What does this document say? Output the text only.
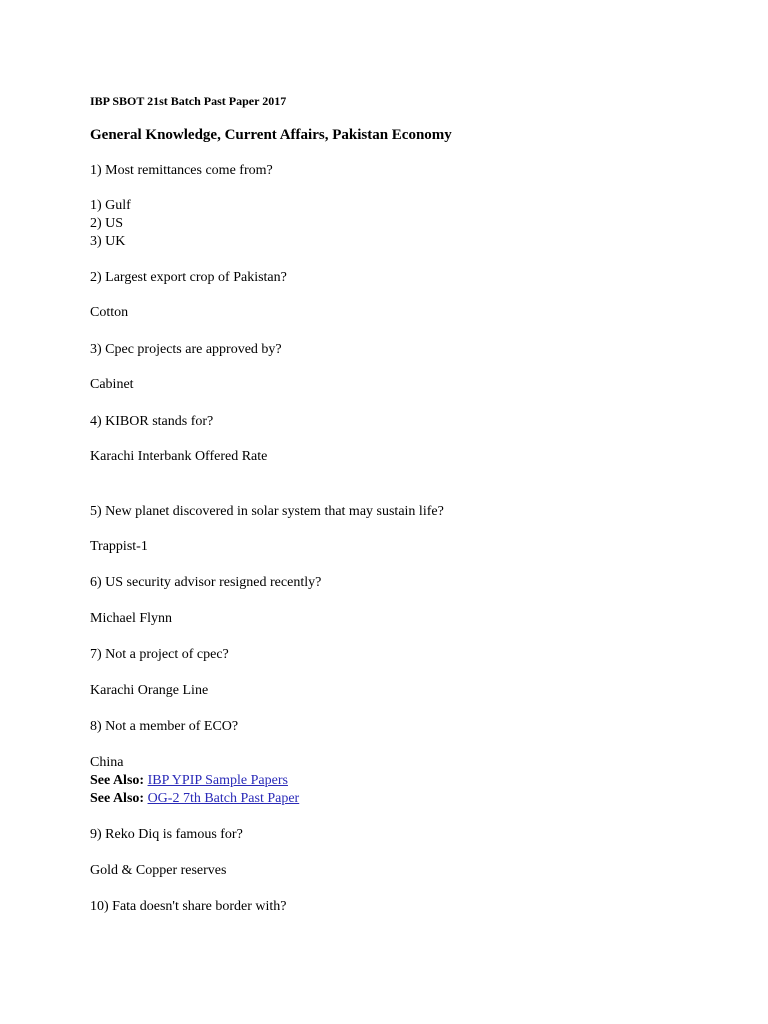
IBP SBOT 21st Batch Past Paper 2017
General Knowledge, Current Affairs, Pakistan Economy
1) Most remittances come from?
1) Gulf
2) US
3) UK
2) Largest export crop of Pakistan?
Cotton
3) Cpec projects are approved by?
Cabinet
4) KIBOR stands for?
Karachi Interbank Offered Rate
5) New planet discovered in solar system that may sustain life?
Trappist-1
6) US security advisor resigned recently?
Michael Flynn
7) Not a project of cpec?
Karachi Orange Line
8) Not a member of ECO?
China
See Also: IBP YPIP Sample Papers
See Also: OG-2 7th Batch Past Paper
9) Reko Diq is famous for?
Gold & Copper reserves
10) Fata doesn't share border with?
